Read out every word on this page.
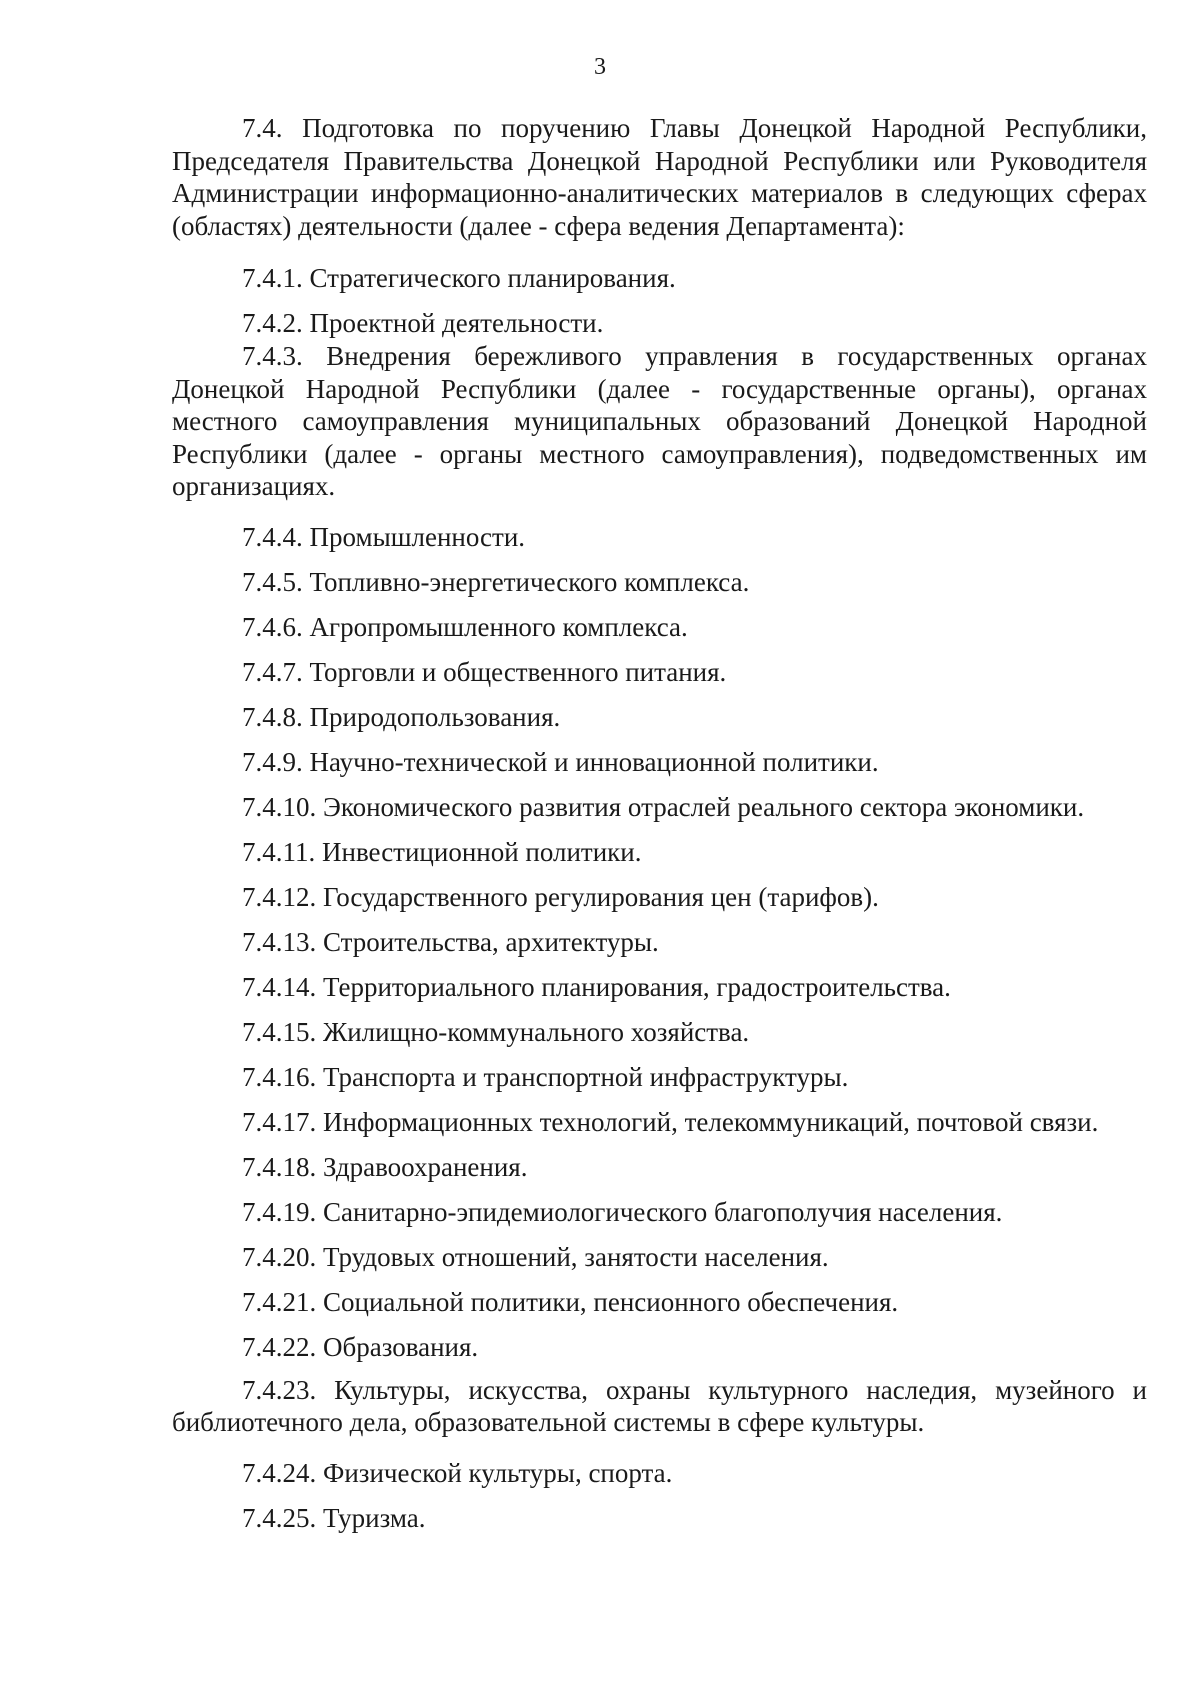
3

7.4. Подготовка по поручению Главы Донецкой Народной Республики, Председателя Правительства Донецкой Народной Республики или Руководителя Администрации информационно-аналитических материалов в следующих сферах (областях) деятельности (далее - сфера ведения Департамента):

7.4.1. Стратегического планирования.

7.4.2. Проектной деятельности.

7.4.3. Внедрения бережливого управления в государственных органах Донецкой Народной Республики (далее - государственные органы), органах местного самоуправления муниципальных образований Донецкой Народной Республики (далее - органы местного самоуправления), подведомственных им организациях.

7.4.4. Промышленности.

7.4.5. Топливно-энергетического комплекса.

7.4.6. Агропромышленного комплекса.

7.4.7. Торговли и общественного питания.

7.4.8. Природопользования.

7.4.9. Научно-технической и инновационной политики.

7.4.10. Экономического развития отраслей реального сектора экономики.

7.4.11. Инвестиционной политики.

7.4.12. Государственного регулирования цен (тарифов).

7.4.13. Строительства, архитектуры.

7.4.14. Территориального планирования, градостроительства.

7.4.15. Жилищно-коммунального хозяйства.

7.4.16. Транспорта и транспортной инфраструктуры.

7.4.17. Информационных технологий, телекоммуникаций, почтовой связи.

7.4.18. Здравоохранения.

7.4.19. Санитарно-эпидемиологического благополучия населения.

7.4.20. Трудовых отношений, занятости населения.

7.4.21. Социальной политики, пенсионного обеспечения.

7.4.22. Образования.

7.4.23. Культуры, искусства, охраны культурного наследия, музейного и библиотечного дела, образовательной системы в сфере культуры.

7.4.24. Физической культуры, спорта.

7.4.25. Туризма.
